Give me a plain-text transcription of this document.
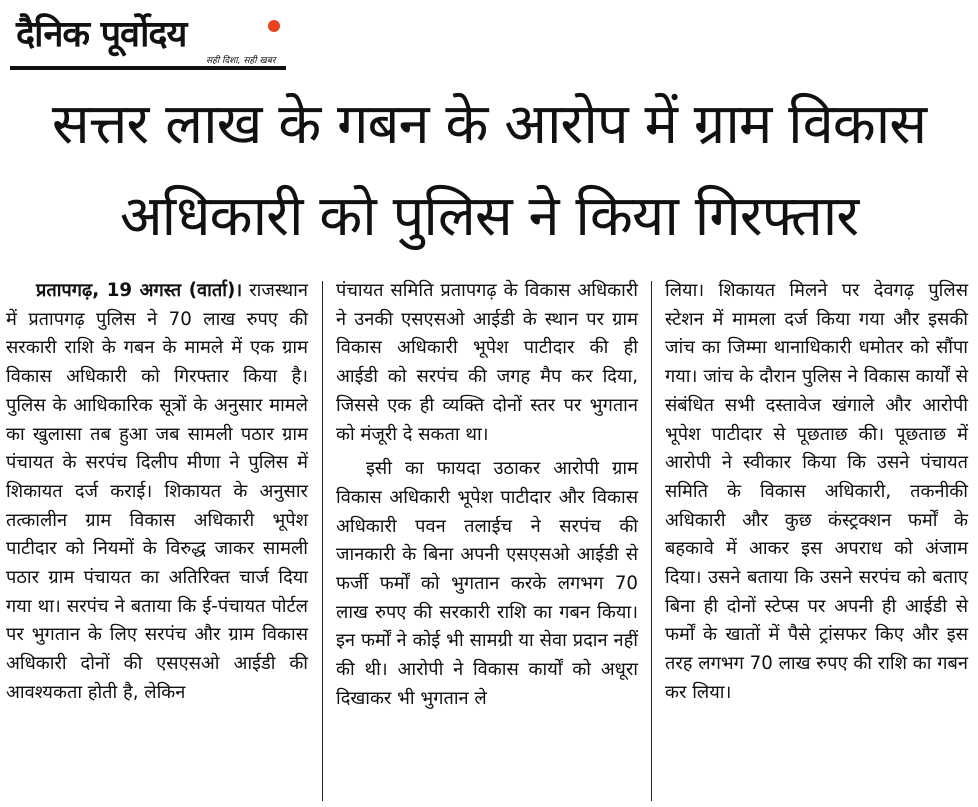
दैनिक पूर्वोदय
सही दिशा, सही खबर
सत्तर लाख के गबन के आरोप में ग्राम विकास
अधिकारी को पुलिस ने किया गिरफ्तार

प्रतापगढ़, 19 अगस्त (वार्ता)। राजस्थान में प्रतापगढ़ पुलिस ने 70 लाख रुपए की सरकारी राशि के गबन के मामले में एक ग्राम विकास अधिकारी को गिरफ्तार किया है। पुलिस के आधिकारिक सूत्रों के अनुसार मामले का खुलासा तब हुआ जब सामली पठार ग्राम पंचायत के सरपंच दिलीप मीणा ने पुलिस में शिकायत दर्ज कराई। शिकायत के अनुसार तत्कालीन ग्राम विकास अधिकारी भूपेश पाटीदार को नियमों के विरुद्ध जाकर सामली पठार ग्राम पंचायत का अतिरिक्त चार्ज दिया गया था। सरपंच ने बताया कि ई-पंचायत पोर्टल पर भुगतान के लिए सरपंच और ग्राम विकास अधिकारी दोनों की एसएसओ आईडी की आवश्यकता होती है, लेकिन

पंचायत समिति प्रतापगढ़ के विकास अधिकारी ने उनकी एसएसओ आईडी के स्थान पर ग्राम विकास अधिकारी भूपेश पाटीदार की ही आईडी को सरपंच की जगह मैप कर दिया, जिससे एक ही व्यक्ति दोनों स्तर पर भुगतान को मंजूरी दे सकता था।

इसी का फायदा उठाकर आरोपी ग्राम विकास अधिकारी भूपेश पाटीदार और विकास अधिकारी पवन तलाईच ने सरपंच की जानकारी के बिना अपनी एसएसओ आईडी से फर्जी फर्मों को भुगतान करके लगभग 70 लाख रुपए की सरकारी राशि का गबन किया। इन फर्मों ने कोई भी सामग्री या सेवा प्रदान नहीं की थी। आरोपी ने विकास कार्यों को अधूरा दिखाकर भी भुगतान ले

लिया। शिकायत मिलने पर देवगढ़ पुलिस स्टेशन में मामला दर्ज किया गया और इसकी जांच का जिम्मा थानाधिकारी धमोतर को सौंपा गया। जांच के दौरान पुलिस ने विकास कार्यों से संबंधित सभी दस्तावेज खंगाले और आरोपी भूपेश पाटीदार से पूछताछ की। पूछताछ में आरोपी ने स्वीकार किया कि उसने पंचायत समिति के विकास अधिकारी, तकनीकी अधिकारी और कुछ कंस्ट्रक्शन फर्मों के बहकावे में आकर इस अपराध को अंजाम दिया। उसने बताया कि उसने सरपंच को बताए बिना ही दोनों स्टेप्स पर अपनी ही आईडी से फर्मों के खातों में पैसे ट्रांसफर किए और इस तरह लगभग 70 लाख रुपए की राशि का गबन कर लिया।
